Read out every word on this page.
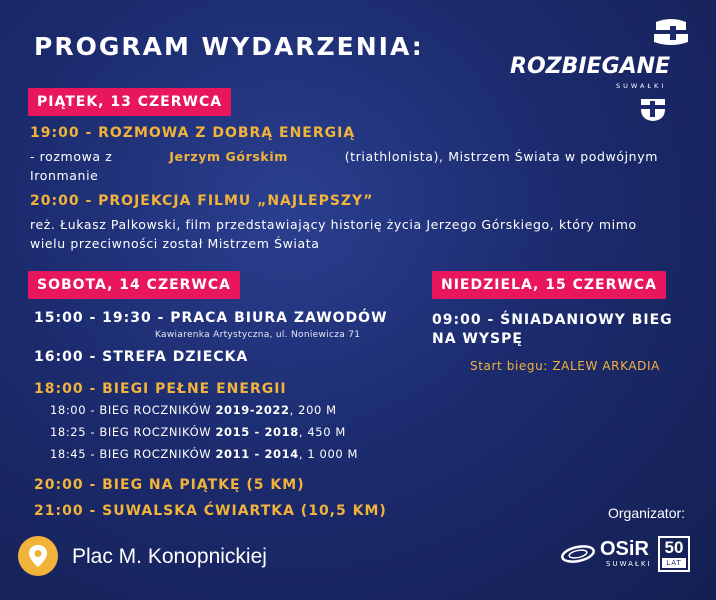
PROGRAM WYDARZENIA:
ROZBIEGANE
SUWAŁKI
PIĄTEK, 13 CZERWCA
19:00 - ROZMOWA Z DOBRĄ ENERGIĄ
- rozmowa z	Jerzym Górskim	(triathlonista), Mistrzem Świata w podwójnym
Ironmanie
20:00 - PROJEKCJA FILMU „NAJLEPSZY”
reż. Łukasz Palkowski, film przedstawiający historię życia Jerzego Górskiego, który mimo wielu przeciwności został Mistrzem Świata
SOBOTA, 14 CZERWCA
15:00 - 19:30 - PRACA BIURA ZAWODÓW
Kawiarenka Artystyczna, ul. Noniewicza 71
16:00 - STREFA DZIECKA
18:00 - BIEGI PEŁNE ENERGII
18:00 - BIEG ROCZNIKÓW 2019-2022, 200 M
18:25 - BIEG ROCZNIKÓW 2015 - 2018, 450 M
18:45 - BIEG ROCZNIKÓW 2011 - 2014, 1 000 M
20:00 - BIEG NA PIĄTKĘ (5 KM)
21:00 - SUWALSKA ĆWIARTKA (10,5 KM)
NIEDZIELA, 15 CZERWCA
09:00 - ŚNIADANIOWY BIEG
NA WYSPĘ
Start biegu: ZALEW ARKADIA
Plac M. Konopnickiej
Organizator:
OSiR
SUWAŁKI
50
LAT
